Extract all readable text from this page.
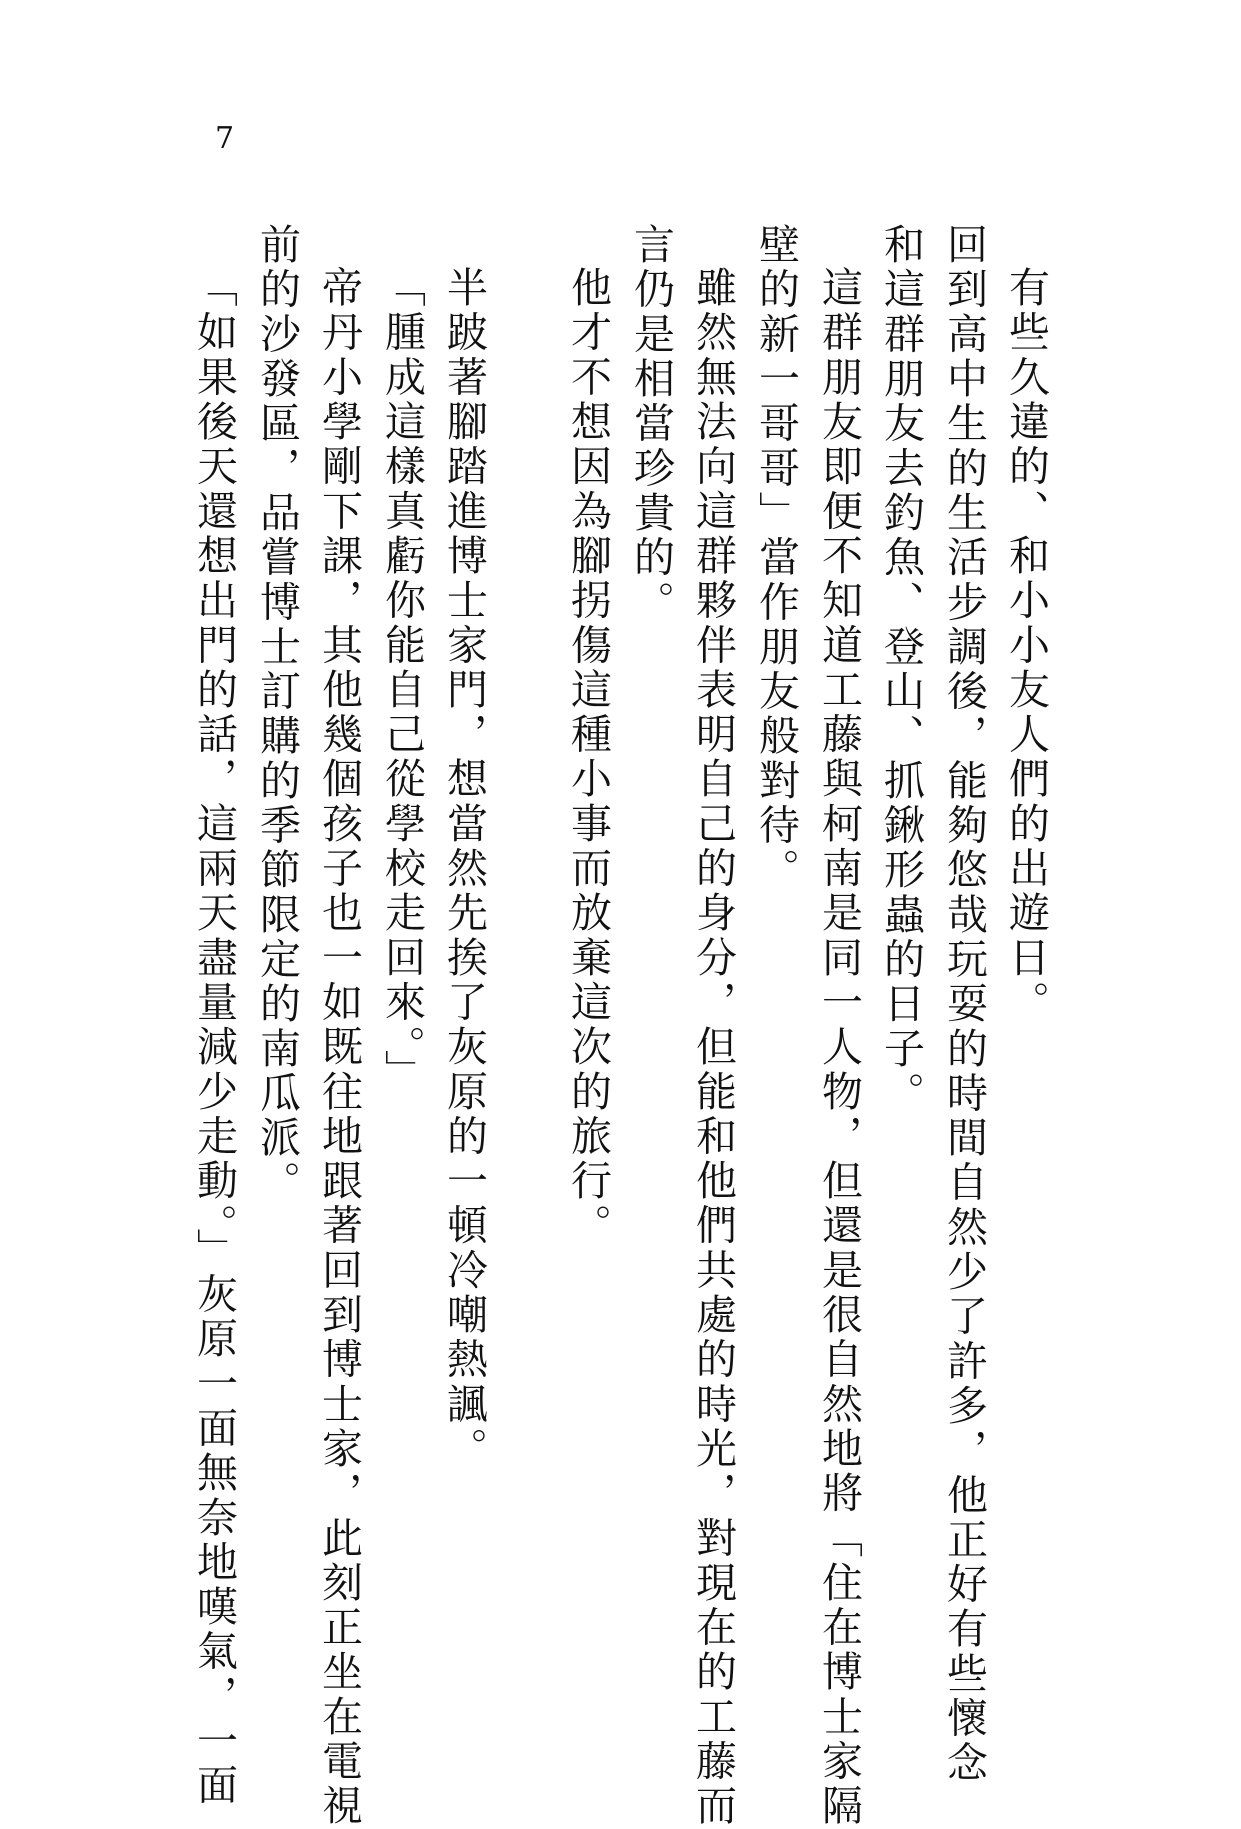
7
有些久違的、和小小友人們的出遊日。
回到高中生的生活步調後，能夠悠哉玩耍的時間自然少了許多，他正好有些懷念
和這群朋友去釣魚、登山、抓鍬形蟲的日子。
這群朋友即便不知道工藤與柯南是同一人物，但還是很自然地將「住在博士家隔
壁的新一哥哥」當作朋友般對待。
雖然無法向這群夥伴表明自己的身分，但能和他們共處的時光，對現在的工藤而
言仍是相當珍貴的。
他才不想因為腳拐傷這種小事而放棄這次的旅行。
半跛著腳踏進博士家門，想當然先挨了灰原的一頓冷嘲熱諷。
「腫成這樣真虧你能自己從學校走回來。」
帝丹小學剛下課，其他幾個孩子也一如既往地跟著回到博士家，此刻正坐在電視
前的沙發區，品嘗博士訂購的季節限定的南瓜派。
「如果後天還想出門的話，這兩天盡量減少走動。」灰原一面無奈地嘆氣，一面
